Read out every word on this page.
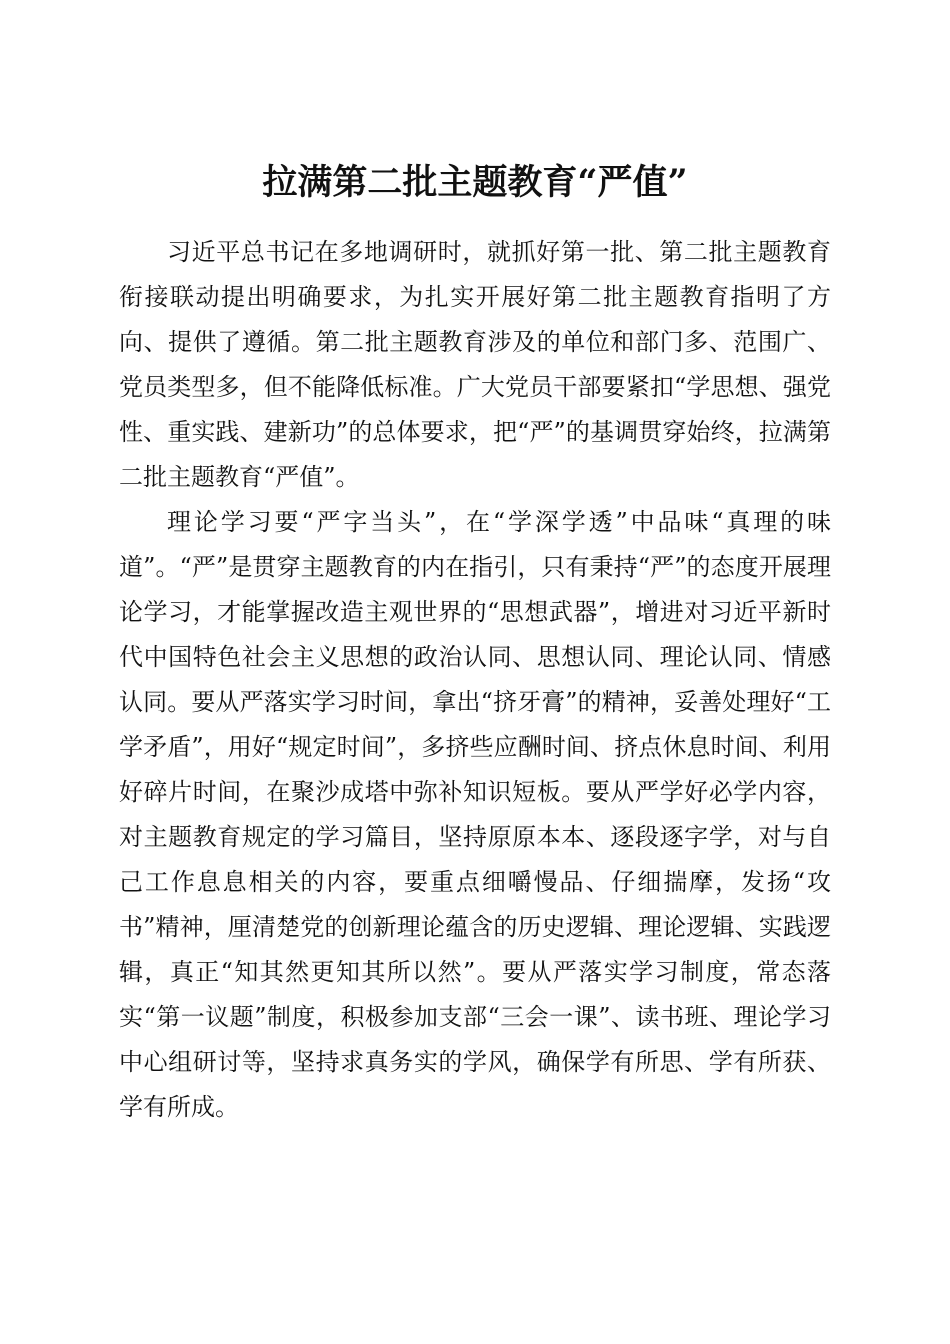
拉满第二批主题教育“严值”

习近平总书记在多地调研时，就抓好第一批、第二批主题教育衔接联动提出明确要求，为扎实开展好第二批主题教育指明了方向、提供了遵循。第二批主题教育涉及的单位和部门多、范围广、党员类型多，但不能降低标准。广大党员干部要紧扣“学思想、强党性、重实践、建新功”的总体要求，把“严”的基调贯穿始终，拉满第二批主题教育“严值”。

理论学习要“严字当头”，在“学深学透”中品味“真理的味道”。“严”是贯穿主题教育的内在指引，只有秉持“严”的态度开展理论学习，才能掌握改造主观世界的“思想武器”，增进对习近平新时代中国特色社会主义思想的政治认同、思想认同、理论认同、情感认同。要从严落实学习时间，拿出“挤牙膏”的精神，妥善处理好“工学矛盾”，用好“规定时间”，多挤些应酬时间、挤点休息时间、利用好碎片时间，在聚沙成塔中弥补知识短板。要从严学好必学内容，对主题教育规定的学习篇目，坚持原原本本、逐段逐字学，对与自己工作息息相关的内容，要重点细嚼慢品、仔细揣摩，发扬“攻书”精神，厘清楚党的创新理论蕴含的历史逻辑、理论逻辑、实践逻辑，真正“知其然更知其所以然”。要从严落实学习制度，常态落实“第一议题”制度，积极参加支部“三会一课”、读书班、理论学习中心组研讨等，坚持求真务实的学风，确保学有所思、学有所获、学有所成。
